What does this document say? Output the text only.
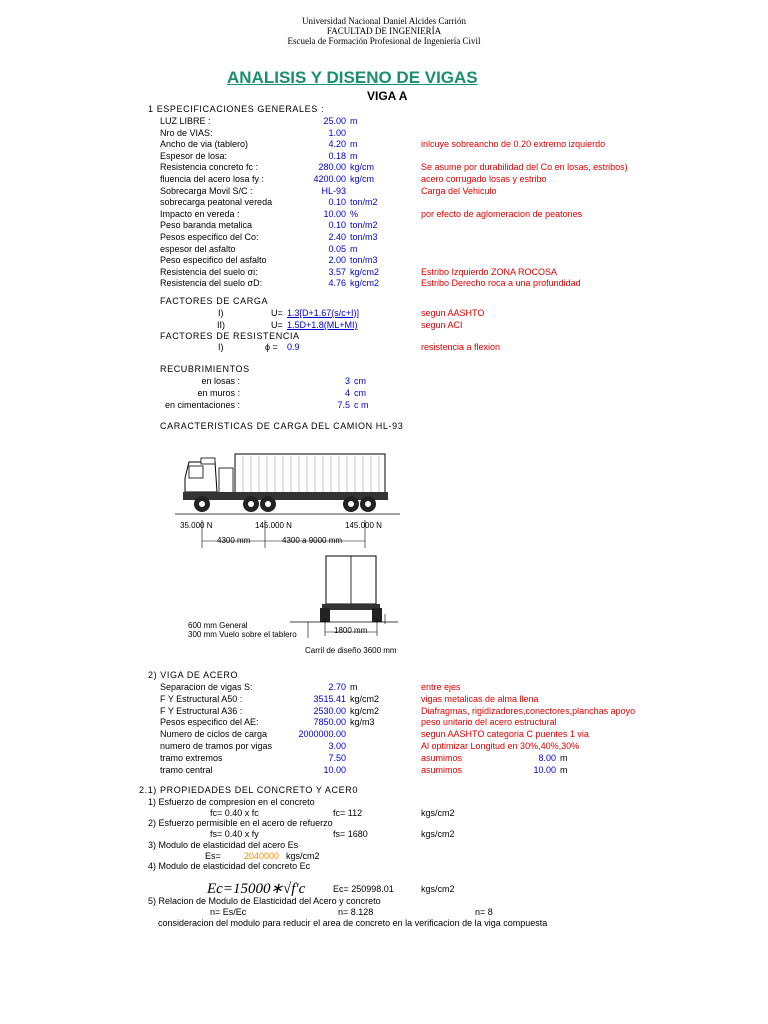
Universidad Nacional Daniel Alcides Carrión
FACULTAD DE INGENIERÍA
Escuela de Formación Profesional de Ingeniería Civil
ANALISIS Y DISENO DE VIGAS
VIGA A
1 ESPECIFICACIONES GENERALES :
LUZ LIBRE :	25.00 m
Nro de VIAS:	1.00
Ancho de via (tablero)	4.20 m	inlcuye sobreancho de 0.20 extremo izquierdo
Espesor de losa:	0.18 m
Resistencia concreto fc :	280.00 kg/cm	Se asume por durabilidad del Co en losas, estribos)
fluencia del acero losa fy :	4200.00 kg/cm	acero corrugado losas y estribo
Sobrecarga Movil S/C :	HL-93	Carga del Vehiculo
sobrecarga peatonal vereda	0.10 ton/m2
Impacto en vereda :	10.00 %	por efecto de aglomeracion de peatones
Peso baranda metalica	0.10 ton/m2
Pesos especifico del Co:	2.40 ton/m3
espesor del asfalto	0.05 m
Peso especifico del asfalto	2.00 ton/m3
Resistencia del suelo σi:	3.57 kg/cm2	Estribo Izquierdo ZONA ROCOSA
Resistencia del suelo σD:	4.76 kg/cm2	Estribo Derecho roca a una profundidad
FACTORES DE CARGA
I)	U= 1.3[D+1.67(s/c+I)]	segun AASHTO
II)	U= 1.5D+1.8(ML+MI)	segun ACI
FACTORES DE RESISTENCIA
I)	ϕ = 0.9	resistencia a flexion
RECUBRIMIENTOS
en losas :	3 cm
en muros :	4 cm
en cimentaciones :	7.5 c m
CARACTERISTICAS DE CARGA DEL CAMION HL-93
35.000 N	145.000 N	145.000 N
4300 mm	4300 a 9000 mm
600 mm General
300 mm Vuelo sobre el tablero	1800 mm
Carril de diseño 3600 mm
2) VIGA DE ACERO
Separacion de vigas S:	2.70 m	entre ejes
F Y Estructural A50 :	3515.41 kg/cm2	vigas metalicas de alma llena
F Y Estructural A36 :	2530.00 kg/cm2	Diafragmas, rigidizadores,conectores,planchas apoyo
Pesos especifico del AE:	7850.00 kg/m3	peso unitario del acero estructural
Numero de ciclos de carga	2000000.00	segun AASHTO categoria C puentes 1 via
numero de tramos por vigas	3.00	Al optimizar Longitud en 30%,40%,30%
tramo extremos	7.50	asumimos	8.00 m
tramo central	10.00	asumimos	10.00 m
2.1) PROPIEDADES DEL CONCRETO Y ACER0
1) Esfuerzo de compresion en el concreto
fc= 0.40 x fc	fc= 112	kgs/cm2
2) Esfuerzo permisible en el acero de refuerzo
fs= 0.40 x fy	fs= 1680	kgs/cm2
3) Modulo de elasticidad del acero Es
Es=	2040000 kgs/cm2
4) Modulo de elasticidad del concreto Ec
Ec=15000∗√f'c	Ec= 250998.01	kgs/cm2
5) Relacion de Modulo de Elasticidad del Acero y concreto
n= Es/Ec	n= 8.128	n= 8
consideracion del modulo para reducir el area de concreto en la verificacion de la viga compuesta
